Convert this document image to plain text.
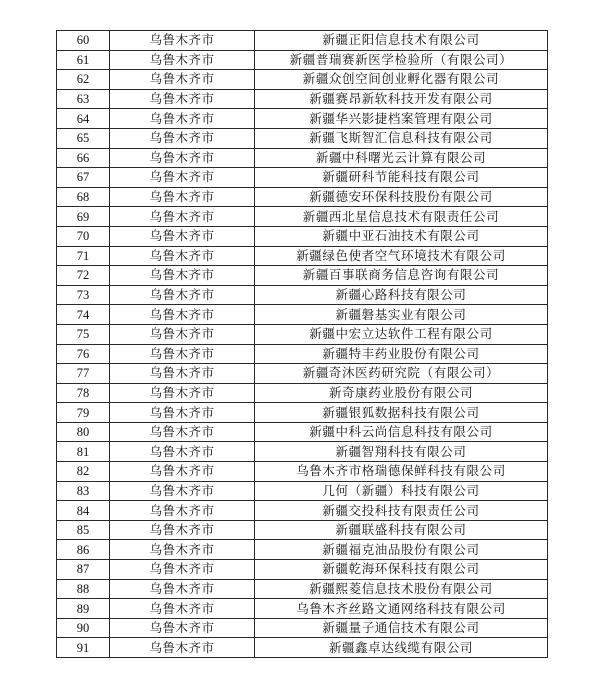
60	乌鲁木齐市	新疆正阳信息技术有限公司
61	乌鲁木齐市	新疆普瑞赛新医学检验所（有限公司）
62	乌鲁木齐市	新疆众创空间创业孵化器有限公司
63	乌鲁木齐市	新疆赛昂新软科技开发有限公司
64	乌鲁木齐市	新疆华兴影捷档案管理有限公司
65	乌鲁木齐市	新疆飞斯智汇信息科技有限公司
66	乌鲁木齐市	新疆中科曙光云计算有限公司
67	乌鲁木齐市	新疆研科节能科技有限公司
68	乌鲁木齐市	新疆德安环保科技股份有限公司
69	乌鲁木齐市	新疆西北星信息技术有限责任公司
70	乌鲁木齐市	新疆中亚石油技术有限公司
71	乌鲁木齐市	新疆绿色使者空气环境技术有限公司
72	乌鲁木齐市	新疆百事联商务信息咨询有限公司
73	乌鲁木齐市	新疆心路科技有限公司
74	乌鲁木齐市	新疆磐基实业有限公司
75	乌鲁木齐市	新疆中宏立达软件工程有限公司
76	乌鲁木齐市	新疆特丰药业股份有限公司
77	乌鲁木齐市	新疆奇沐医药研究院（有限公司）
78	乌鲁木齐市	新奇康药业股份有限公司
79	乌鲁木齐市	新疆银狐数据科技有限公司
80	乌鲁木齐市	新疆中科云尚信息科技有限公司
81	乌鲁木齐市	新疆智翔科技有限公司
82	乌鲁木齐市	乌鲁木齐市格瑞德保鲜科技有限公司
83	乌鲁木齐市	几何（新疆）科技有限公司
84	乌鲁木齐市	新疆交投科技有限责任公司
85	乌鲁木齐市	新疆联盛科技有限公司
86	乌鲁木齐市	新疆福克油品股份有限公司
87	乌鲁木齐市	新疆乾海环保科技有限公司
88	乌鲁木齐市	新疆熙菱信息技术股份有限公司
89	乌鲁木齐市	乌鲁木齐丝路文通网络科技有限公司
90	乌鲁木齐市	新疆量子通信技术有限公司
91	乌鲁木齐市	新疆鑫卓达线缆有限公司
